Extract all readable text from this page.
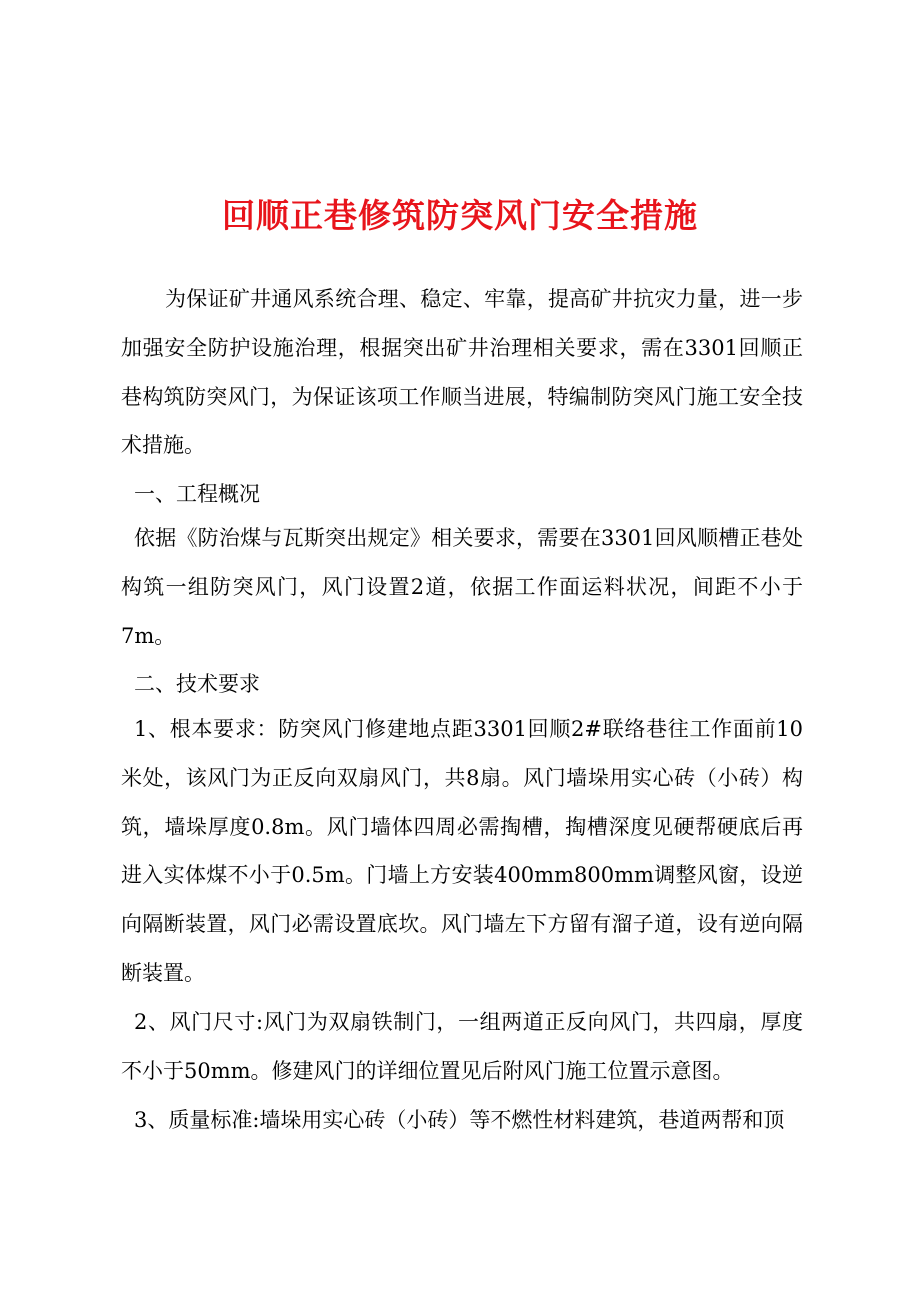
回顺正巷修筑防突风门安全措施

为保证矿井通风系统合理、稳定、牢靠，提高矿井抗灾力量，进一步加强安全防护设施治理，根据突出矿井治理相关要求，需在3301回顺正巷构筑防突风门，为保证该项工作顺当进展，特编制防突风门施工安全技术措施。

一、工程概况

依据《防治煤与瓦斯突出规定》相关要求，需要在3301回风顺槽正巷处构筑一组防突风门，风门设置2道，依据工作面运料状况，间距不小于7m。

二、技术要求

1、根本要求：防突风门修建地点距3301回顺2#联络巷往工作面前10米处，该风门为正反向双扇风门，共8扇。风门墙垛用实心砖（小砖）构筑，墙垛厚度0.8m。风门墙体四周必需掏槽，掏槽深度见硬帮硬底后再进入实体煤不小于0.5m。门墙上方安装400mm800mm调整风窗，设逆向隔断装置，风门必需设置底坎。风门墙左下方留有溜子道，设有逆向隔断装置。

2、风门尺寸:风门为双扇铁制门，一组两道正反向风门，共四扇，厚度不小于50mm。修建风门的详细位置见后附风门施工位置示意图。

3、质量标准:墙垛用实心砖（小砖）等不燃性材料建筑，巷道两帮和顶
